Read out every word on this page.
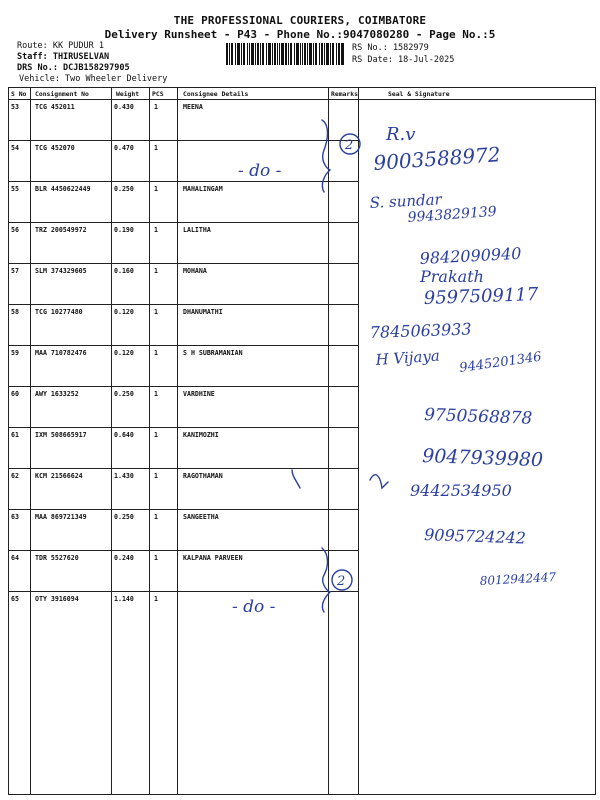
THE PROFESSIONAL COURIERS, COIMBATORE
Delivery Runsheet - P43 - Phone No.:9047080280 - Page No.:5
Route: KK PUDUR 1
Staff: THIRUSELVAN
DRS No.: DCJB158297905
Vehicle: Two Wheeler Delivery
RS No.: 1582979
RS Date: 18-Jul-2025
S No Consignment No	Weight PCS	Consignee Details	Remarks	Seal & Signature
53 TCG 452011	0.430	1	MEENA
54 TCG 452070	0.470	1
55 BLR 4450622449	0.250	1	MAHALINGAM
56 TRZ 200549972	0.190	1	LALITHA
57 SLM 374329605	0.160	1	MOHANA
58 TCG 10277480	0.120	1	DHANUMATHI
59 MAA 710782476	0.120	1	S H SUBRAMANIAN
60 AWY 1633252	0.250	1	VARDHINE
61 IXM 508665917	0.640	1	KANIMOZHI
62 KCM 21566624	1.430	1	RAGOTHAMAN
63 MAA 869721349	0.250	1	SANGEETHA
64 TDR 5527620	0.240	1	KALPANA PARVEEN
65 OTY 3916094	1.140	1
- do -
- do -
2
2
R.v
9003588972
S. sundar
9943829139
9842090940
Prakath
9597509117
7845063933
H Vijaya 9445201346
9750568878
9047939980
9442534950
9095724242
8012942447
